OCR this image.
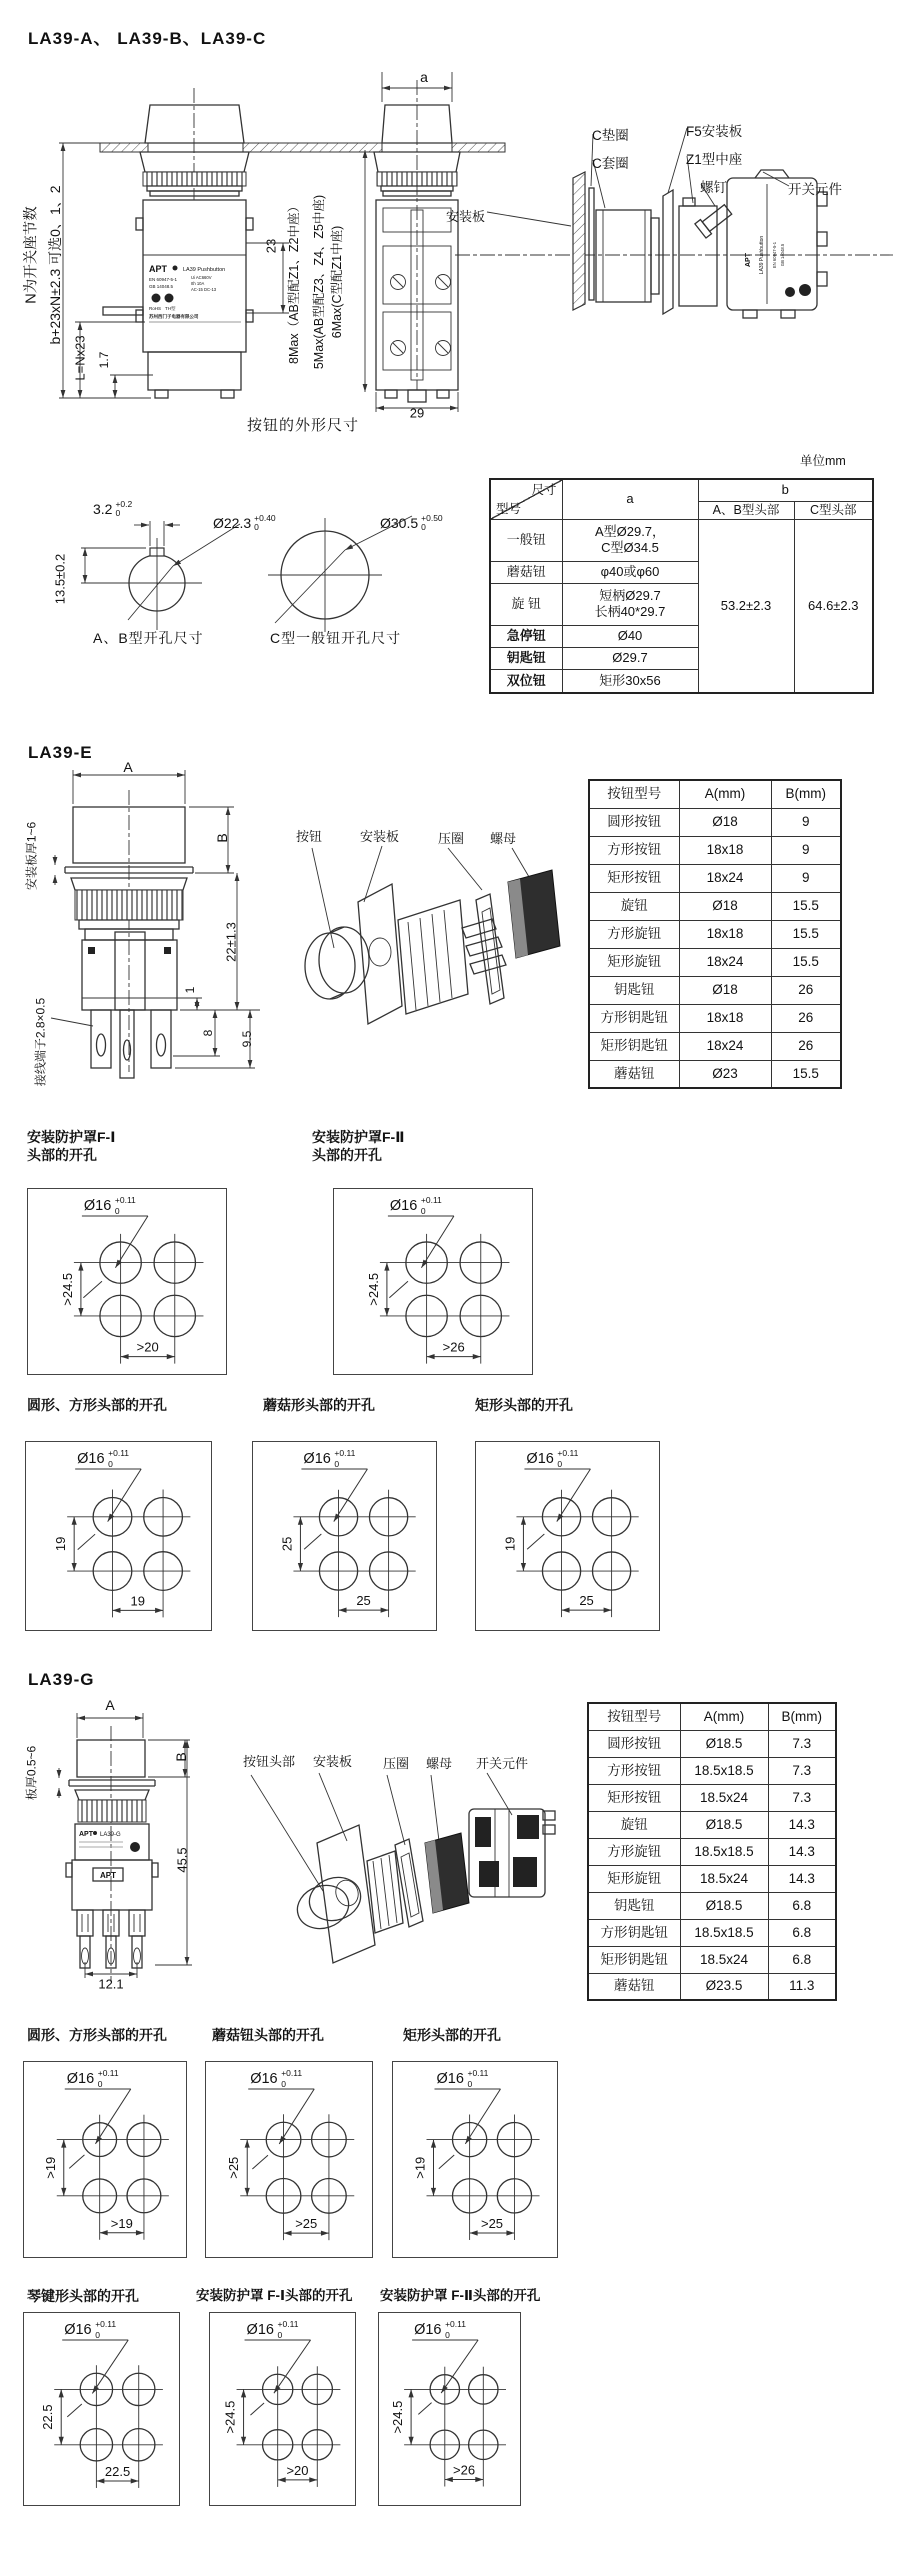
LA39-A、 LA39-B、LA39-C
APT	LA39 Pushbutton
EN 60947-5-1
GB 14048.5
Ui AC660V
Ith 10A
AC-15 DC-13
RoHS TH型
苏州西门子电器有限公司
APT LA39 Pushbutton EN 60947-5-1 GB 14048.5
N为开关座节数 b+23xN±2.3 可选0、1、2
L=Nx23 1.7
23
a
8Max（AB型配Z1、Z2中座） 5Max(AB型配Z3、Z4、Z5中座) 6Max(C型配Z1中座)
29
按钮的外形尺寸
安装板
C垫圈
C套圈
F5安装板
Z1型中座
螺钉	开关元件
3.2 +0.2
0
13.5±0.2
Ø22.3 +0.40
0	Ø30.5 +0.50
0
A、B型开孔尺寸	C型一般钮开孔尺寸
单位mm
尺寸
型号	a	b	
		A、B型头部	C型头部
一般钮	A型Ø29.7，
C型Ø34.5	53.2±2.3	64.6±2.3
蘑菇钮	φ40或φ60		
旋 钮	短柄Ø29.7
长柄40*29.7		
急停钮	Ø40		
钥匙钮	Ø29.7		
双位钮	矩形30x56		
LA39-E
A
B
安装板厚1~6
22±1.3
1
8 9.5
接线端子2.8×0.5
按钮	安装板	压圈 螺母
按钮型号	A(mm)	B(mm)
圆形按钮	Ø18	9
方形按钮	18x18	9
矩形按钮	18x24	9
旋钮	Ø18	15.5
方形旋钮	18x18	15.5
矩形旋钮	18x24	15.5
钥匙钮	Ø18	26
方形钥匙钮	18x18	26
矩形钥匙钮	18x24	26
蘑菇钮	Ø23	15.5
安装防护罩F-Ⅰ
头部的开孔
安装防护罩F-Ⅱ
头部的开孔
Ø16 +0.11
0
>24.5
>20
Ø16 +0.11
0
>24.5
>26
圆形、方形头部的开孔	蘑菇形头部的开孔	矩形头部的开孔
Ø16 +0.11
0
19
19
Ø16 +0.11
0
25
25
Ø16 +0.11
0
19
25
LA39-G
APT LA39-G
APT
A
B
板厚0.5~6
45.5
12.1
按钮头部 安装板 压圈 螺母 开关元件
按钮型号	A(mm)	B(mm)
圆形按钮	Ø18.5	7.3
方形按钮	18.5x18.5	7.3
矩形按钮	18.5x24	7.3
旋钮	Ø18.5	14.3
方形旋钮	18.5x18.5	14.3
矩形旋钮	18.5x24	14.3
钥匙钮	Ø18.5	6.8
方形钥匙钮	18.5x18.5	6.8
矩形钥匙钮	18.5x24	6.8
蘑菇钮	Ø23.5	11.3
圆形、方形头部的开孔	蘑菇钮头部的开孔	矩形头部的开孔
Ø16 +0.11
0
>19
>19
Ø16 +0.11
0
>25
>25
Ø16 +0.11
0
>19
>25
琴键形头部的开孔	安装防护罩 F-Ⅰ头部的开孔 安装防护罩 F-Ⅱ头部的开孔
Ø16 +0.11
0
22.5
22.5
Ø16 +0.11
0
>24.5
>20
Ø16 +0.11
0
>24.5
>26
